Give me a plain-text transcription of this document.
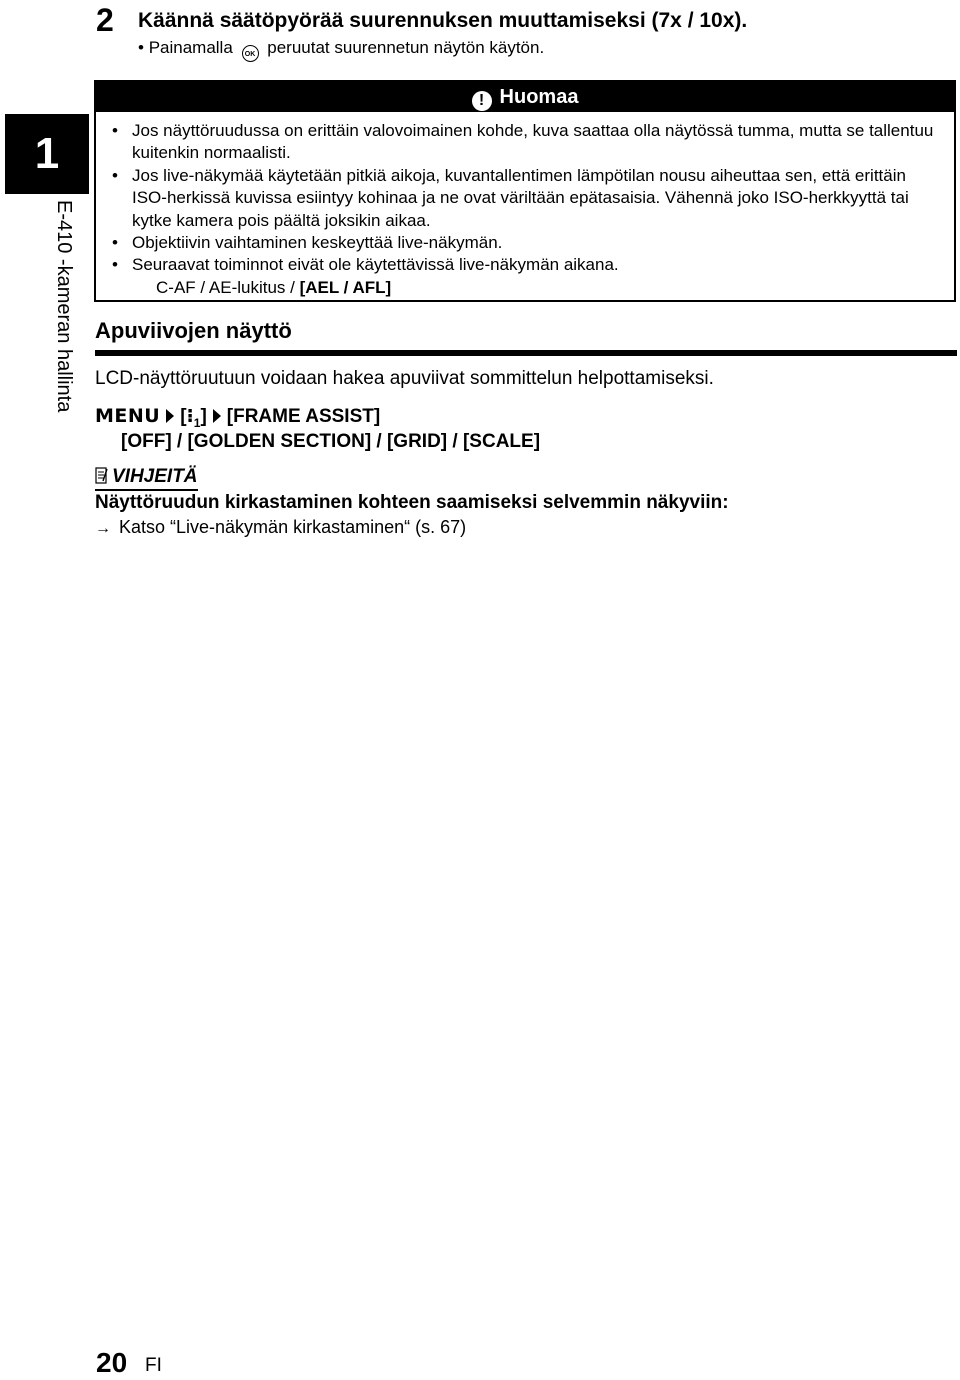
2 Käännä säätöpyörää suurennuksen muuttamiseksi (7x / 10x).
• Painamalla OK peruutat suurennetun näytön käytön.
1
E-410 -kameran hallinta
! Huomaa
• Jos näyttöruudussa on erittäin valovoimainen kohde, kuva saattaa olla näytössä tumma, mutta se tallentuu kuitenkin normaalisti.
• Jos live-näkymää käytetään pitkiä aikoja, kuvantallentimen lämpötilan nousu aiheuttaa sen, että erittäin ISO-herkissä kuvissa esiintyy kohinaa ja ne ovat väriltään epätasaisia. Vähennä joko ISO-herkkyyttä tai kytke kamera pois päältä joksikin aikaa.
• Objektiivin vaihtaminen keskeyttää live-näkymän.
• Seuraavat toiminnot eivät ole käytettävissä live-näkymän aikana.
C-AF / AE-lukitus / [AEL / AFL]
Apuviivojen näyttö
LCD-näyttöruutuun voidaan hakea apuviivat sommittelun helpottamiseksi.
MENU $[⁝_1]$ [FRAME ASSIST]
[OFF] / [GOLDEN SECTION] / [GRID] / [SCALE]
VIHJEITÄ
Näyttöruudun kirkastaminen kohteen saamiseksi selvemmin näkyviin:
→ Katso “Live-näkymän kirkastaminen“ (s. 67)
20 FI
